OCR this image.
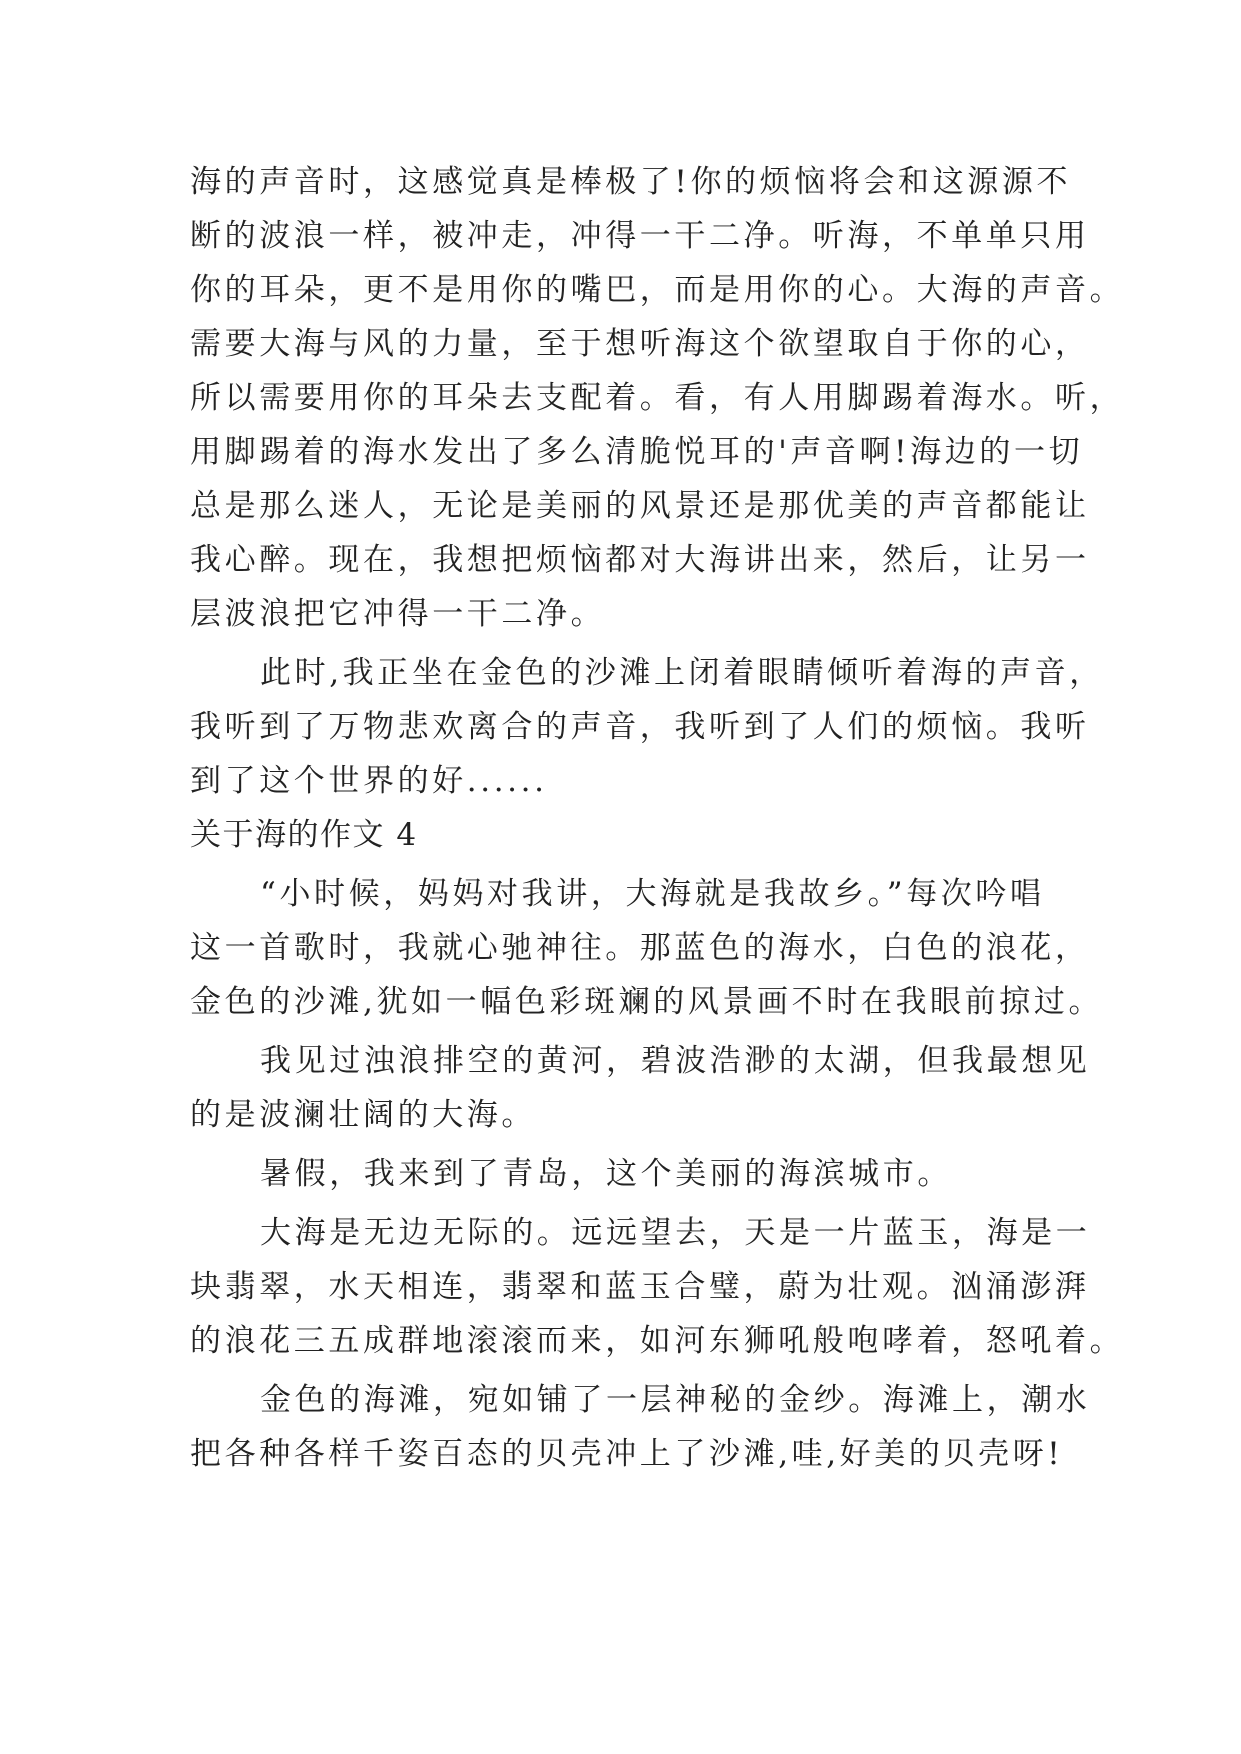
海的声音时，这感觉真是棒极了!你的烦恼将会和这源源不
断的波浪一样，被冲走，冲得一干二净。听海，不单单只用
你的耳朵，更不是用你的嘴巴，而是用你的心。大海的声音。
需要大海与风的力量，至于想听海这个欲望取自于你的心，
所以需要用你的耳朵去支配着。看，有人用脚踢着海水。听，
用脚踢着的海水发出了多么清脆悦耳的'声音啊!海边的一切
总是那么迷人，无论是美丽的风景还是那优美的声音都能让
我心醉。现在，我想把烦恼都对大海讲出来，然后，让另一
层波浪把它冲得一干二净。
此时,我正坐在金色的沙滩上闭着眼睛倾听着海的声音，
我听到了万物悲欢离合的声音，我听到了人们的烦恼。我听
到了这个世界的好......
关于海的作文 4
“小时候，妈妈对我讲，大海就是我故乡。”每次吟唱
这一首歌时，我就心驰神往。那蓝色的海水，白色的浪花，
金色的沙滩,犹如一幅色彩斑斓的风景画不时在我眼前掠过。
我见过浊浪排空的黄河，碧波浩渺的太湖，但我最想见
的是波澜壮阔的大海。
暑假，我来到了青岛，这个美丽的海滨城市。
大海是无边无际的。远远望去，天是一片蓝玉，海是一
块翡翠，水天相连，翡翠和蓝玉合璧，蔚为壮观。汹涌澎湃
的浪花三五成群地滚滚而来，如河东狮吼般咆哮着，怒吼着。
金色的海滩，宛如铺了一层神秘的金纱。海滩上，潮水
把各种各样千姿百态的贝壳冲上了沙滩,哇,好美的贝壳呀!
